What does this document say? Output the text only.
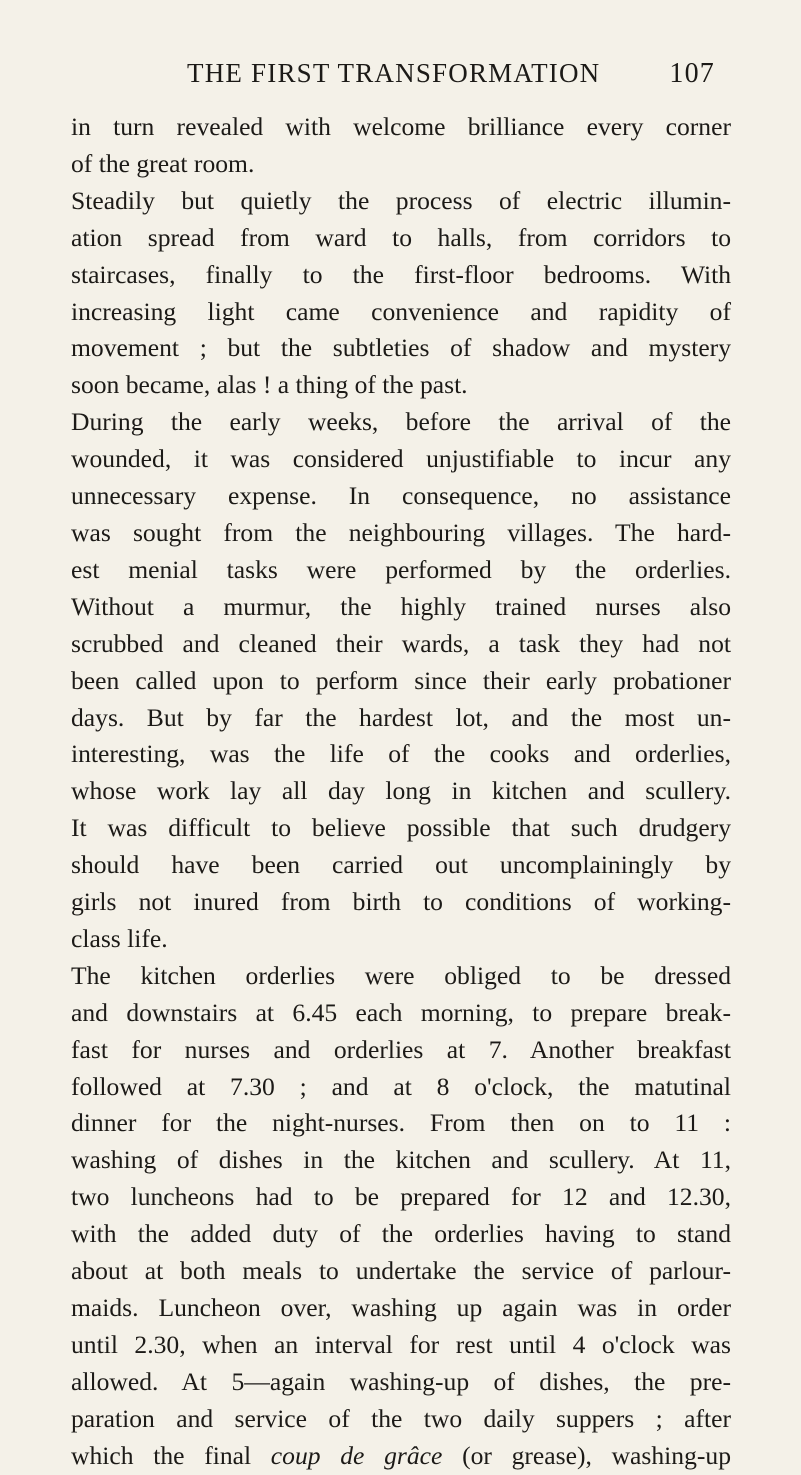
THE FIRST TRANSFORMATION 107
in turn revealed with welcome brilliance every corner
of the great room.
Steadily but quietly the process of electric illumin-
ation spread from ward to halls, from corridors to
staircases, finally to the first-floor bedrooms. With
increasing light came convenience and rapidity of
movement ; but the subtleties of shadow and mystery
soon became, alas ! a thing of the past.
During the early weeks, before the arrival of the
wounded, it was considered unjustifiable to incur any
unnecessary expense. In consequence, no assistance
was sought from the neighbouring villages. The hard-
est menial tasks were performed by the orderlies.
Without a murmur, the highly trained nurses also
scrubbed and cleaned their wards, a task they had not
been called upon to perform since their early probationer
days. But by far the hardest lot, and the most un-
interesting, was the life of the cooks and orderlies,
whose work lay all day long in kitchen and scullery.
It was difficult to believe possible that such drudgery
should have been carried out uncomplainingly by
girls not inured from birth to conditions of working-
class life.
The kitchen orderlies were obliged to be dressed
and downstairs at 6.45 each morning, to prepare break-
fast for nurses and orderlies at 7. Another breakfast
followed at 7.30 ; and at 8 o'clock, the matutinal
dinner for the night-nurses. From then on to 11 :
washing of dishes in the kitchen and scullery. At 11,
two luncheons had to be prepared for 12 and 12.30,
with the added duty of the orderlies having to stand
about at both meals to undertake the service of parlour-
maids. Luncheon over, washing up again was in order
until 2.30, when an interval for rest until 4 o'clock was
allowed. At 5—again washing-up of dishes, the pre-
paration and service of the two daily suppers ; after
which the final coup de grâce (or grease), washing-up
